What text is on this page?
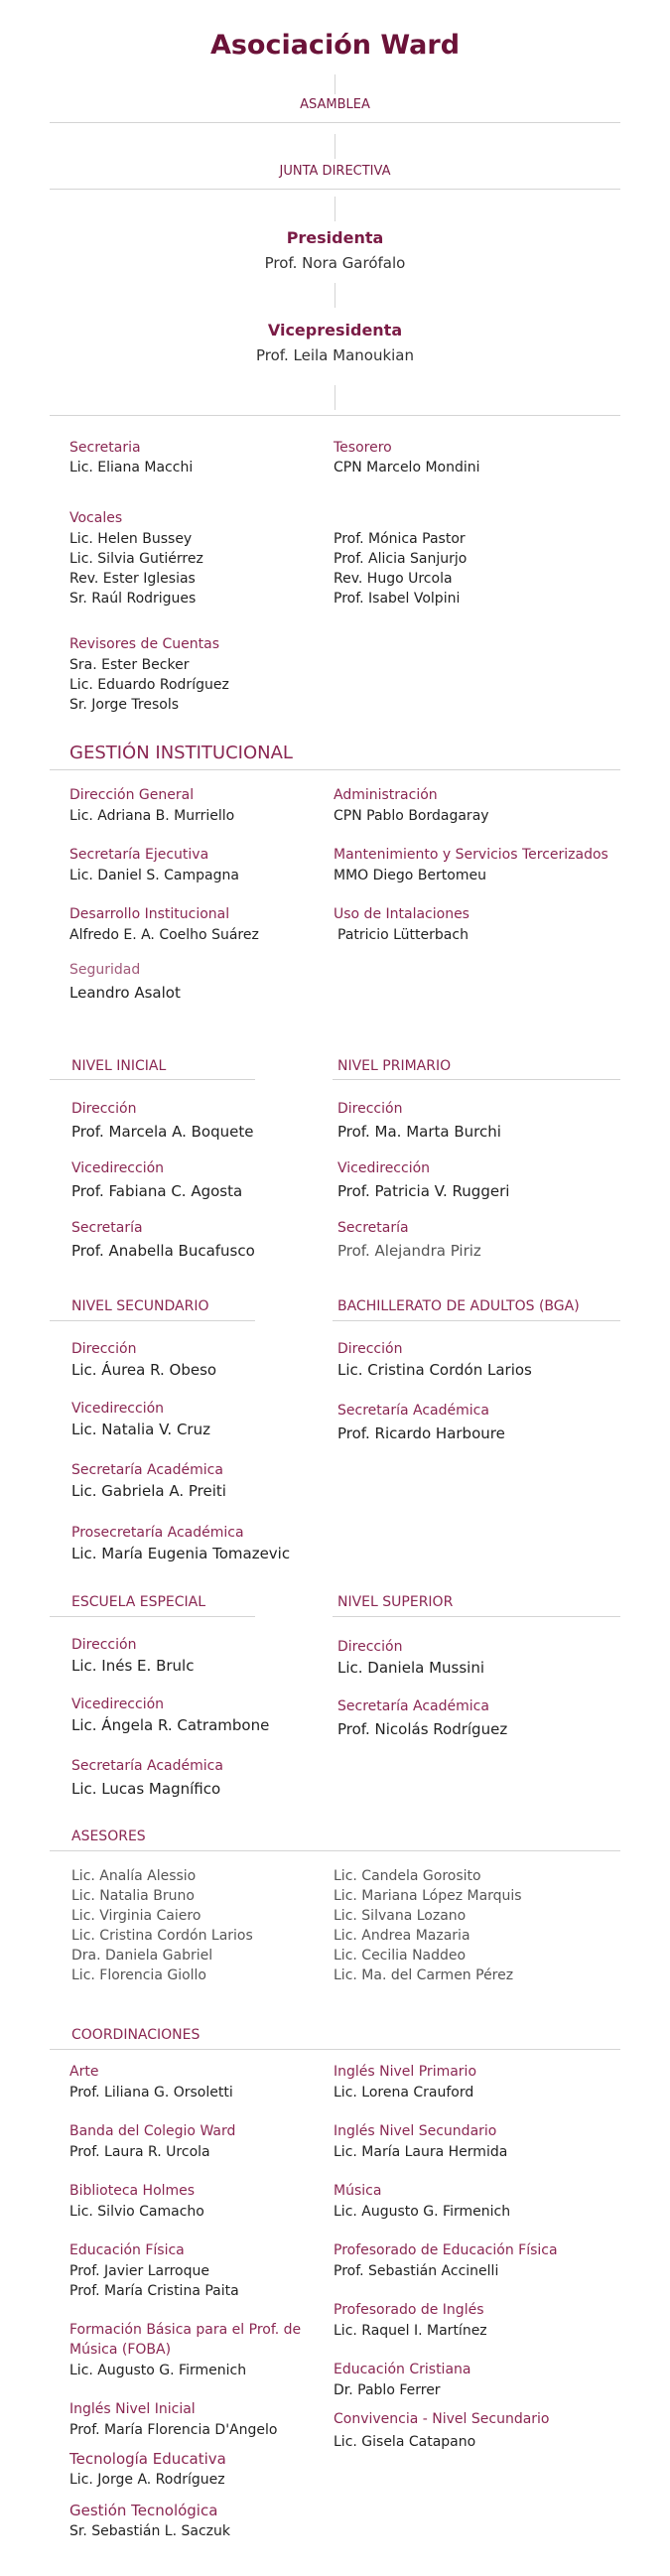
Asociación Ward
ASAMBLEA
JUNTA DIRECTIVA
Presidenta
Prof. Nora Garófalo
Vicepresidenta
Prof. Leila Manoukian
Secretaria
Lic. Eliana Macchi
Tesorero
CPN Marcelo Mondini
Vocales
Lic. Helen Bussey
Lic. Silvia Gutiérrez
Rev. Ester Iglesias
Sr. Raúl Rodrigues
Prof. Mónica Pastor
Prof. Alicia Sanjurjo
Rev. Hugo Urcola
Prof. Isabel Volpini
Revisores de Cuentas
Sra. Ester Becker
Lic. Eduardo Rodríguez
Sr. Jorge Tresols
GESTIÓN INSTITUCIONAL
Dirección General
Lic. Adriana B. Murriello
Secretaría Ejecutiva
Lic. Daniel S. Campagna
Desarrollo Institucional
Alfredo E. A. Coelho Suárez
Seguridad
Leandro Asalot
Administración
CPN Pablo Bordagaray
Mantenimiento y Servicios Tercerizados
MMO Diego Bertomeu
Uso de Intalaciones
Patricio Lütterbach
NIVEL INICIAL
Dirección
Prof. Marcela A. Boquete
Vicedirección
Prof. Fabiana C. Agosta
Secretaría
Prof. Anabella Bucafusco
NIVEL PRIMARIO
Dirección
Prof. Ma. Marta Burchi
Vicedirección
Prof. Patricia V. Ruggeri
Secretaría
Prof. Alejandra Piriz
NIVEL SECUNDARIO
Dirección
Lic. Áurea R. Obeso
Vicedirección
Lic. Natalia V. Cruz
Secretaría Académica
Lic. Gabriela A. Preiti
Prosecretaría Académica
Lic. María Eugenia Tomazevic
BACHILLERATO DE ADULTOS (BGA)
Dirección
Lic. Cristina Cordón Larios
Secretaría Académica
Prof. Ricardo Harboure
ESCUELA ESPECIAL
Dirección
Lic. Inés E. Brulc
Vicedirección
Lic. Ángela R. Catrambone
Secretaría Académica
Lic. Lucas Magnífico
NIVEL SUPERIOR
Dirección
Lic. Daniela Mussini
Secretaría Académica
Prof. Nicolás Rodríguez
ASESORES
Lic. Analía Alessio
Lic. Natalia Bruno
Lic. Virginia Caiero
Lic. Cristina Cordón Larios
Dra. Daniela Gabriel
Lic. Florencia Giollo
Lic. Candela Gorosito
Lic. Mariana López Marquis
Lic. Silvana Lozano
Lic. Andrea Mazaria
Lic. Cecilia Naddeo
Lic. Ma. del Carmen Pérez
COORDINACIONES
Arte
Prof. Liliana G. Orsoletti
Banda del Colegio Ward
Prof. Laura R. Urcola
Biblioteca Holmes
Lic. Silvio Camacho
Educación Física
Prof. Javier Larroque
Prof. María Cristina Paita
Formación Básica para el Prof. de
Música (FOBA)
Lic. Augusto G. Firmenich
Inglés Nivel Inicial
Prof. María Florencia D'Angelo
Tecnología Educativa
Lic. Jorge A. Rodríguez
Gestión Tecnológica
Sr. Sebastián L. Saczuk
Inglés Nivel Primario
Lic. Lorena Crauford
Inglés Nivel Secundario
Lic. María Laura Hermida
Música
Lic. Augusto G. Firmenich
Profesorado de Educación Física
Prof. Sebastián Accinelli
Profesorado de Inglés
Lic. Raquel I. Martínez
Educación Cristiana
Dr. Pablo Ferrer
Convivencia - Nivel Secundario
Lic. Gisela Catapano
